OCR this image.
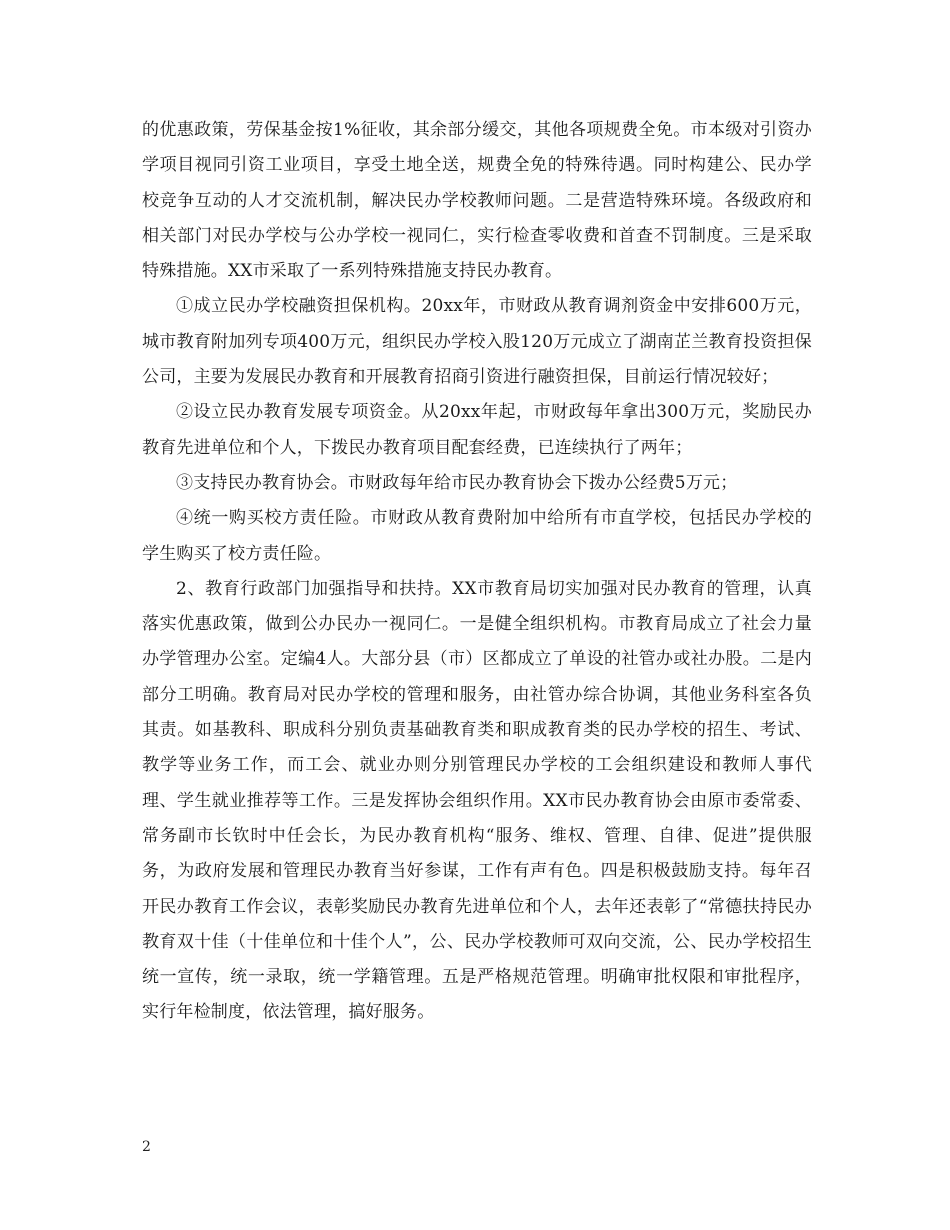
的优惠政策，劳保基金按1%征收，其余部分缓交，其他各项规费全免。市本级对引资办学项目视同引资工业项目，享受土地全送，规费全免的特殊待遇。同时构建公、民办学校竞争互动的人才交流机制，解决民办学校教师问题。二是营造特殊环境。各级政府和相关部门对民办学校与公办学校一视同仁，实行检查零收费和首查不罚制度。三是采取特殊措施。XX市采取了一系列特殊措施支持民办教育。

①成立民办学校融资担保机构。20xx年，市财政从教育调剂资金中安排600万元，城市教育附加列专项400万元，组织民办学校入股120万元成立了湖南芷兰教育投资担保公司，主要为发展民办教育和开展教育招商引资进行融资担保，目前运行情况较好；

②设立民办教育发展专项资金。从20xx年起，市财政每年拿出300万元，奖励民办教育先进单位和个人，下拨民办教育项目配套经费，已连续执行了两年；

③支持民办教育协会。市财政每年给市民办教育协会下拨办公经费5万元；

④统一购买校方责任险。市财政从教育费附加中给所有市直学校，包括民办学校的学生购买了校方责任险。

2、教育行政部门加强指导和扶持。XX市教育局切实加强对民办教育的管理，认真落实优惠政策，做到公办民办一视同仁。一是健全组织机构。市教育局成立了社会力量办学管理办公室。定编4人。大部分县（市）区都成立了单设的社管办或社办股。二是内部分工明确。教育局对民办学校的管理和服务，由社管办综合协调，其他业务科室各负其责。如基教科、职成科分别负责基础教育类和职成教育类的民办学校的招生、考试、教学等业务工作，而工会、就业办则分别管理民办学校的工会组织建设和教师人事代理、学生就业推荐等工作。三是发挥协会组织作用。XX市民办教育协会由原市委常委、常务副市长钦时中任会长，为民办教育机构“服务、维权、管理、自律、促进”提供服务，为政府发展和管理民办教育当好参谋，工作有声有色。四是积极鼓励支持。每年召开民办教育工作会议，表彰奖励民办教育先进单位和个人，去年还表彰了“常德扶持民办教育双十佳（十佳单位和十佳个人”，公、民办学校教师可双向交流，公、民办学校招生统一宣传，统一录取，统一学籍管理。五是严格规范管理。明确审批权限和审批程序，实行年检制度，依法管理，搞好服务。

2
